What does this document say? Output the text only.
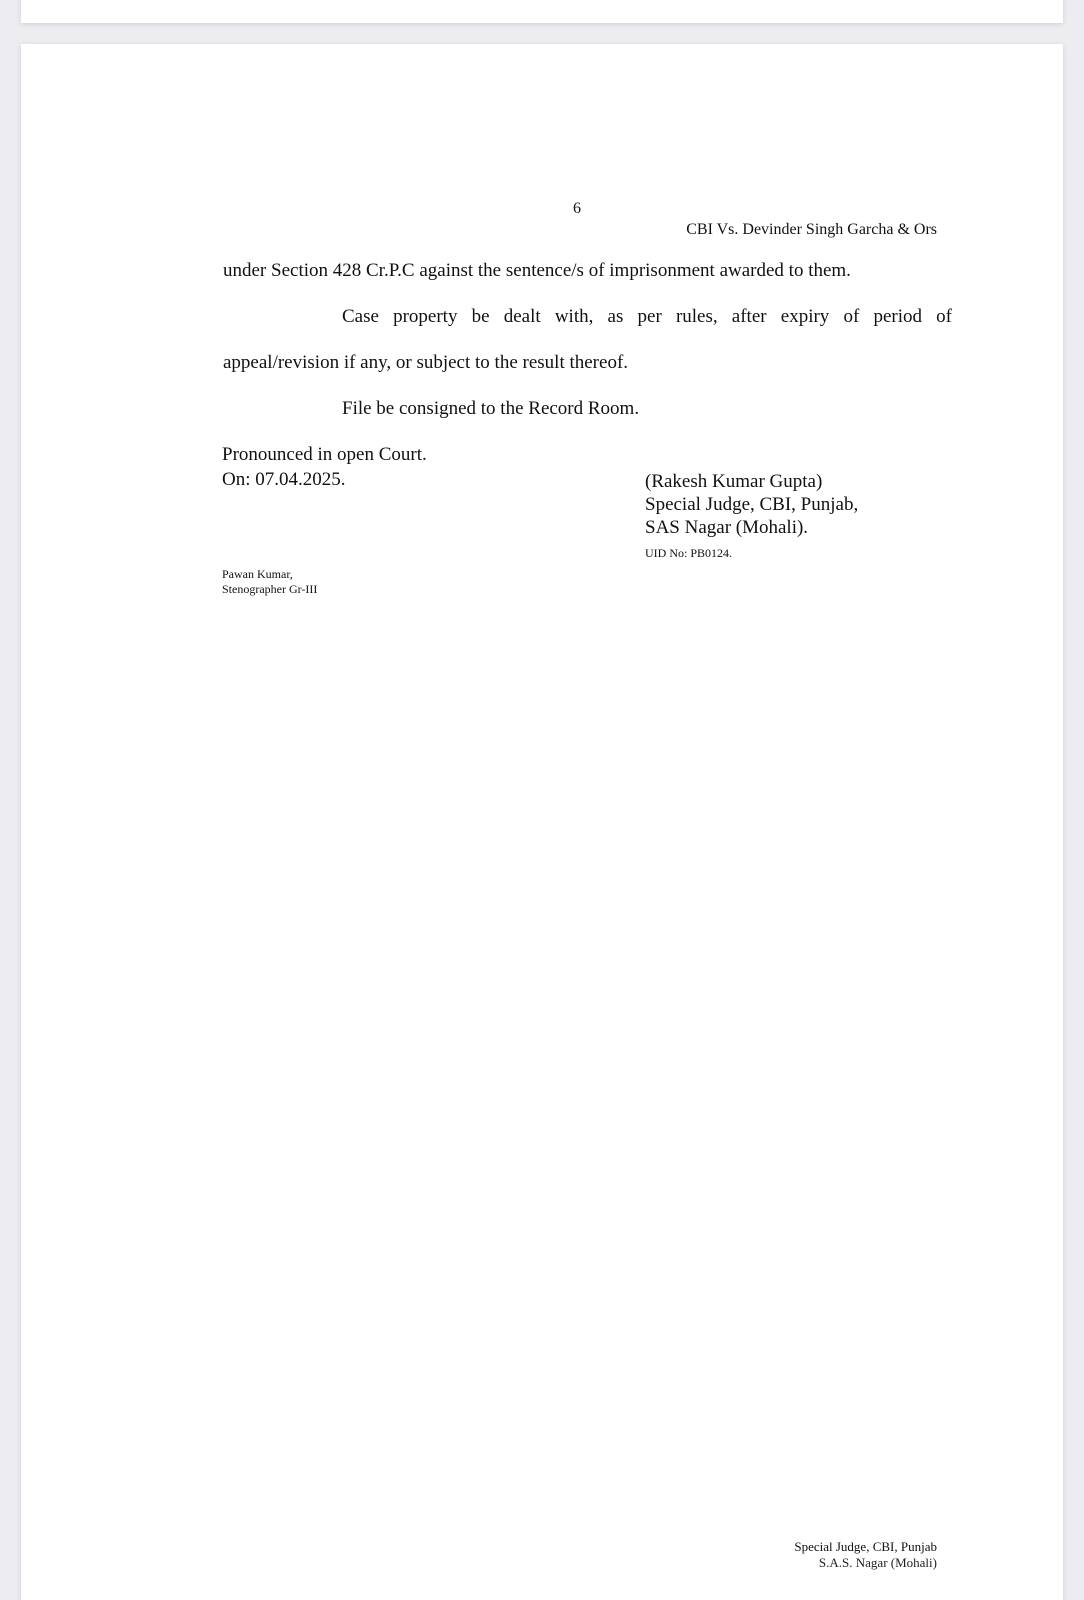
6
CBI Vs. Devinder Singh Garcha & Ors
under Section 428 Cr.P.C against the sentence/s of imprisonment awarded to them.
Case property be dealt with, as per rules, after expiry of period of
appeal/revision if any, or subject to the result thereof.
File be consigned to the Record Room.
Pronounced in open Court.
On: 07.04.2025.	(Rakesh Kumar Gupta)
Special Judge, CBI, Punjab,
SAS Nagar (Mohali).
UID No: PB0124.
Pawan Kumar,
Stenographer Gr-III
Special Judge, CBI, Punjab
S.A.S. Nagar (Mohali)
